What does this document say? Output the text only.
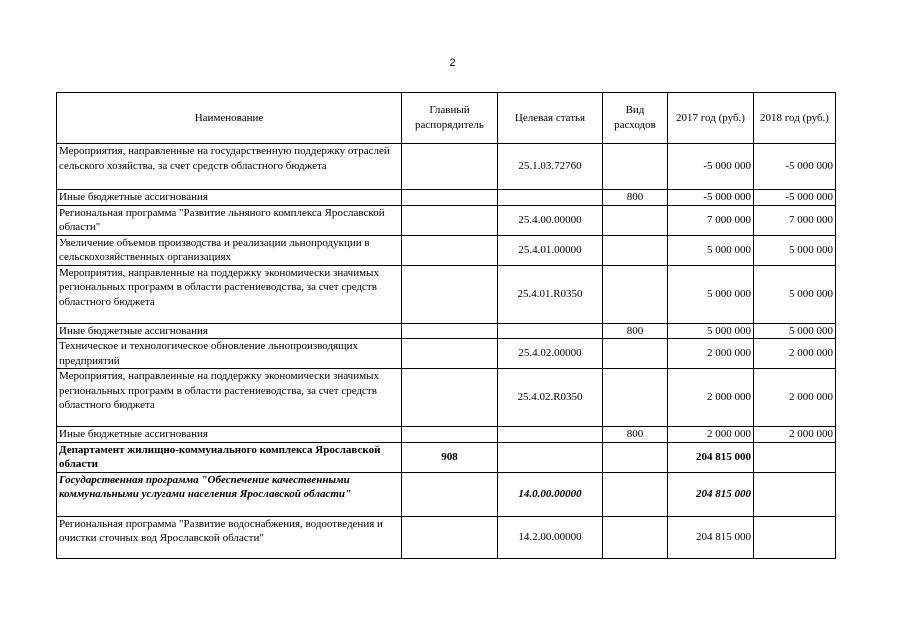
2
Наименование	Главный распорядитель	Целевая статья	Вид расходов	2017 год (руб.)	2018 год (руб.)
Мероприятия, направленные на государственную поддержку отраслей сельского хозяйства, за счет средств областного бюджета		25.1.03.72760		-5 000 000	-5 000 000
Иные бюджетные ассигнования			800	-5 000 000	-5 000 000
Региональная программа "Развитие льняного комплекса Ярославской области"		25.4.00.00000		7 000 000	7 000 000
Увеличение объемов производства и реализации льнопродукции в сельскохозяйственных организациях		25.4.01.00000		5 000 000	5 000 000
Мероприятия, направленные на поддержку экономически значимых региональных программ в области растениеводства, за счет средств областного бюджета		25.4.01.R0350		5 000 000	5 000 000
Иные бюджетные ассигнования			800	5 000 000	5 000 000
Техническое и технологическое обновление льнопроизводящих предприятий		25.4.02.00000		2 000 000	2 000 000
Мероприятия, направленные на поддержку экономически значимых региональных программ в области растениеводства, за счет средств областного бюджета		25.4.02.R0350		2 000 000	2 000 000
Иные бюджетные ассигнования			800	2 000 000	2 000 000
Департамент жилищно-коммунального комплекса Ярославской области	908			204 815 000	
Государственная программа "Обеспечение качественными коммунальными услугами населения Ярославской области"		14.0.00.00000		204 815 000	
Региональная программа "Развитие водоснабжения, водоотведения и очистки сточных вод Ярославской области"		14.2.00.00000		204 815 000	
